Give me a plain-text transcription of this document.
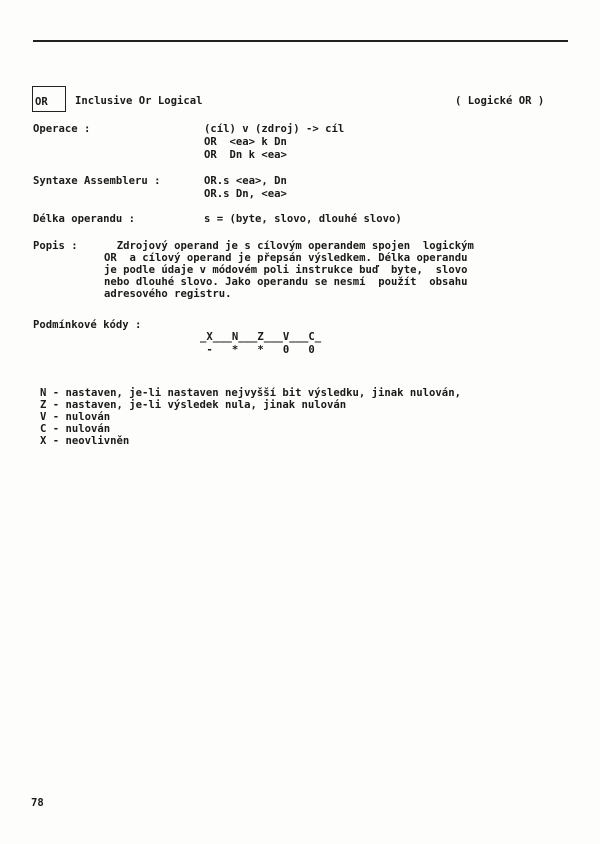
OR	Inclusive Or Logical	( Logické OR )
Operace :	(cíl) v (zdroj) -> cíl
OR  <ea> k Dn
OR  Dn k <ea>
Syntaxe Assembleru :	OR.s <ea>, Dn
OR.s Dn, <ea>
Délka operandu :	s = (byte, slovo, dlouhé slovo)
Popis : Zdrojový operand je s cílovým operandem spojen  logickým
OR  a cílový operand je přepsán výsledkem. Délka operandu
je podle údaje v módovém poli instrukce buď  byte,  slovo
nebo dlouhé slovo. Jako operandu se nesmí  použít  obsahu
adresového registru.
Podmínkové kódy :
_X___N___Z___V___C_
-   *   *   0   0
N - nastaven, je-li nastaven nejvyšší bit výsledku, jinak nulován,
Z - nastaven, je-li výsledek nula, jinak nulován
V - nulován
C - nulován
X - neovlivněn
78
